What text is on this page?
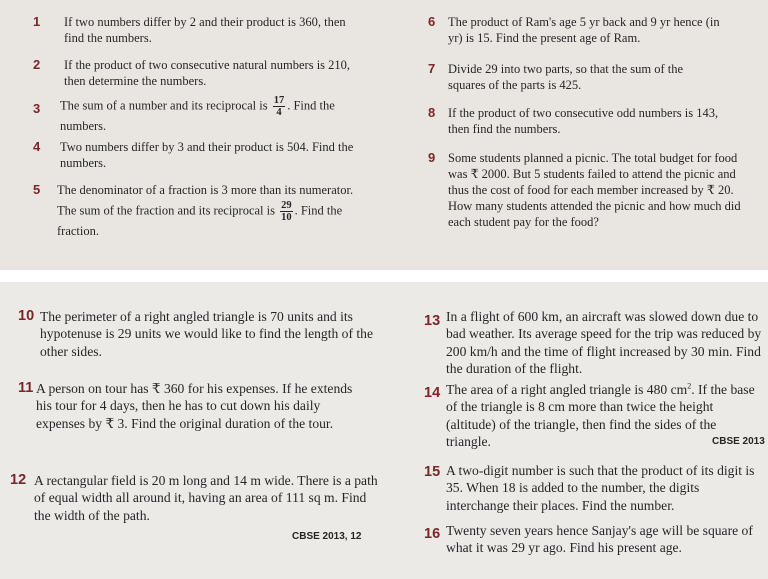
1 If two numbers differ by 2 and their product is 360, then find the numbers.
2 If the product of two consecutive natural numbers is 210, then determine the numbers.
3 The sum of a number and its reciprocal is $\frac{17}{4}$ . Find the numbers.
4 Two numbers differ by 3 and their product is 504. Find the numbers.
5 The denominator of a fraction is 3 more than its numerator. The sum of the fraction and its reciprocal is $\frac{29}{10}$ . Find the fraction.
6 The product of Ram's age 5 yr back and 9 yr hence (in yr) is 15. Find the present age of Ram.
7 Divide 29 into two parts, so that the sum of the squares of the parts is 425.
8 If the product of two consecutive odd numbers is 143, then find the numbers.
9 Some students planned a picnic. The total budget for food was ₹ 2000. But 5 students failed to attend the picnic and thus the cost of food for each member increased by ₹ 20. How many students attended the picnic and how much did each student pay for the food?
10 The perimeter of a right angled triangle is 70 units and its hypotenuse is 29 units we would like to find the length of the other sides.
11 A person on tour has ₹ 360 for his expenses. If he extends his tour for 4 days, then he has to cut down his daily expenses by ₹ 3. Find the original duration of the tour.
12 A rectangular field is 20 m long and 14 m wide. There is a path of equal width all around it, having an area of 111 sq m. Find the width of the path.
CBSE 2013, 12
13 In a flight of 600 km, an aircraft was slowed down due to bad weather. Its average speed for the trip was reduced by 200 km/h and the time of flight increased by 30 min. Find the duration of the flight.
14 The area of a right angled triangle is 480 $cm^2$. If the base of the triangle is 8 cm more than twice the height (altitude) of the triangle, then find the sides of the triangle.	CBSE 2013
15 A two-digit number is such that the product of its digit is 35. When 18 is added to the number, the digits interchange their places. Find the number.
16 Twenty seven years hence Sanjay's age will be square of what it was 29 yr ago. Find his present age.
